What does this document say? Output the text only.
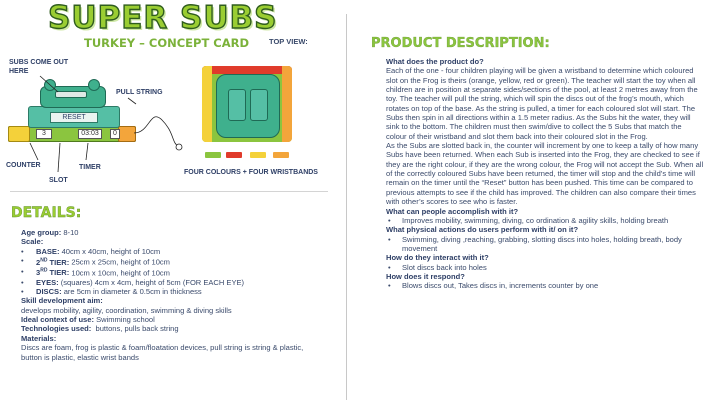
SUPER SUBS
TURKEY – CONCEPT CARD	TOP VIEW:
SUBS COME OUT HERE
PULL STRING
RESET
3	03:03	0
COUNTER	TIMER
SLOT
FOUR COLOURS + FOUR WRISTBANDS
PRODUCT DESCRIPTION:
What does the product do?
Each of the one - four children playing will be given a wristband to determine which coloured slot on the Frog is theirs (orange, yellow, red or green). The teacher will start the toy when all children are in position at separate sides/sections of the pool, at least 2 metres away from the toy. The teacher will pull the string, which will spin the discs out of the frog’s mouth, which rotates on top of the base. As the string is pulled, a timer for each coloured slot will start. The Subs then spin in all directions within a 1.5 meter radius. As the Subs hit the water, they will sink to the bottom. The children must then swim/dive to collect the 5 Subs that match the colour of their wristband and slot them back into their coloured slot in the Frog.
As the Subs are slotted back in, the counter will increment by one to keep a tally of how many Subs have been returned. When each Sub is inserted into the Frog, they are checked to see if they are the right colour, if they are the wrong colour, the Frog will not accept the Sub. When all of the correctly coloured Subs have been returned, the timer will stop and the child’s time will remain on the timer until the “Reset” button has been pushed. This time can be compared to previous attempts to see if the child has improved. The children can also compare their times with other’s scores to see who is faster.
What can people accomplish with it?
• Improves mobility, swimming, diving, co ordination & agility skills, holding breath
What physical actions do users perform with it/ on it?
• Swimming, diving ,reaching, grabbing, slotting discs into holes, holding breath, body movement
How do they interact with it?
• Slot discs back into holes
How does it respond?
• Blows discs out, Takes discs in, increments counter by one
DETAILS:
Age group: 8-10
Scale:
• BASE: 40cm x 40cm, height of 10cm
• 2ND TIER: 25cm x 25cm, height of 10cm
• 3RD TIER: 10cm x 10cm, height of 10cm
• EYES: (squares) 4cm x 4cm, height of 5cm (FOR EACH EYE)
• DISCS: are 5cm in diameter & 0.5cm in thickness
Skill development aim:
develops mobility, agility, coordination, swimming & diving skills
Ideal context of use: Swimming school
Technologies used: buttons, pulls back string
Materials:
Discs are foam, frog is plastic & foam/floatation devices, pull string is string & plastic, button is plastic, elastic wrist bands
